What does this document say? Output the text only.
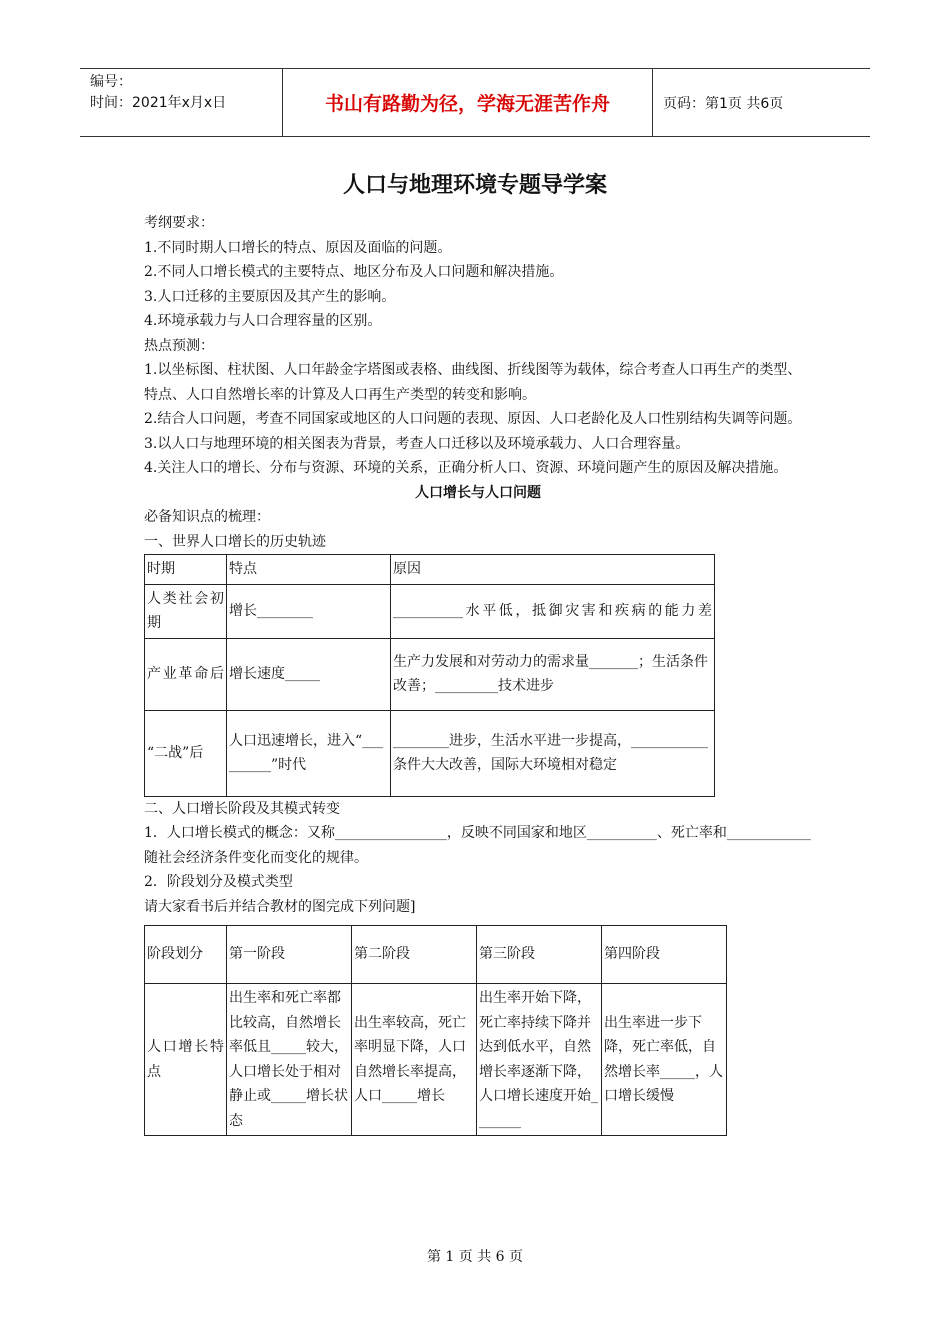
编号：
时间：2021年x月x日	书山有路勤为径，学海无涯苦作舟	页码：第1页 共6页
人口与地理环境专题导学案

考纲要求：

1.不同时期人口增长的特点、原因及面临的问题。

2.不同人口增长模式的主要特点、地区分布及人口问题和解决措施。

3.人口迁移的主要原因及其产生的影响。

4.环境承载力与人口合理容量的区别。

热点预测：

1.以坐标图、柱状图、人口年龄金字塔图或表格、曲线图、折线图等为载体，综合考查人口再生产的类型、特点、人口自然增长率的计算及人口再生产类型的转变和影响。

2.结合人口问题，考查不同国家或地区的人口问题的表现、原因、人口老龄化及人口性别结构失调等问题。

3.以人口与地理环境的相关图表为背景，考查人口迁移以及环境承载力、人口合理容量。

4.关注人口的增长、分布与资源、环境的关系，正确分析人口、资源、环境问题产生的原因及解决措施。

人口增长与人口问题

必备知识点的梳理：

一、世界人口增长的历史轨迹

时期	特点	原因
人类社会初期	增长________	__________水平低，抵御灾害和疾病的能力差
产业革命后	增长速度_____	生产力发展和对劳动力的需求量_______；生活条件改善；_________技术进步
“二战”后	人口迅速增长，进入“_________”时代	________进步，生活水平进一步提高，___________条件大大改善，国际大环境相对稳定

二、人口增长阶段及其模式转变

1．人口增长模式的概念：又称________________，反映不同国家和地区__________、死亡率和____________随社会经济条件变化而变化的规律。

2．阶段划分及模式类型

请大家看书后并结合教材的图完成下列问题]

阶段划分	第一阶段	第二阶段	第三阶段	第四阶段
人口增长特点	出生率和死亡率都比较高，自然增长率低且_____较大，人口增长处于相对静止或_____增长状态	出生率较高，死亡率明显下降，人口自然增长率提高，人口_____增长	出生率开始下降，死亡率持续下降并达到低水平，自然增长率逐渐下降，人口增长速度开始_______	出生率进一步下降，死亡率低，自然增长率_____，人口增长缓慢
第 1 页 共 6 页
